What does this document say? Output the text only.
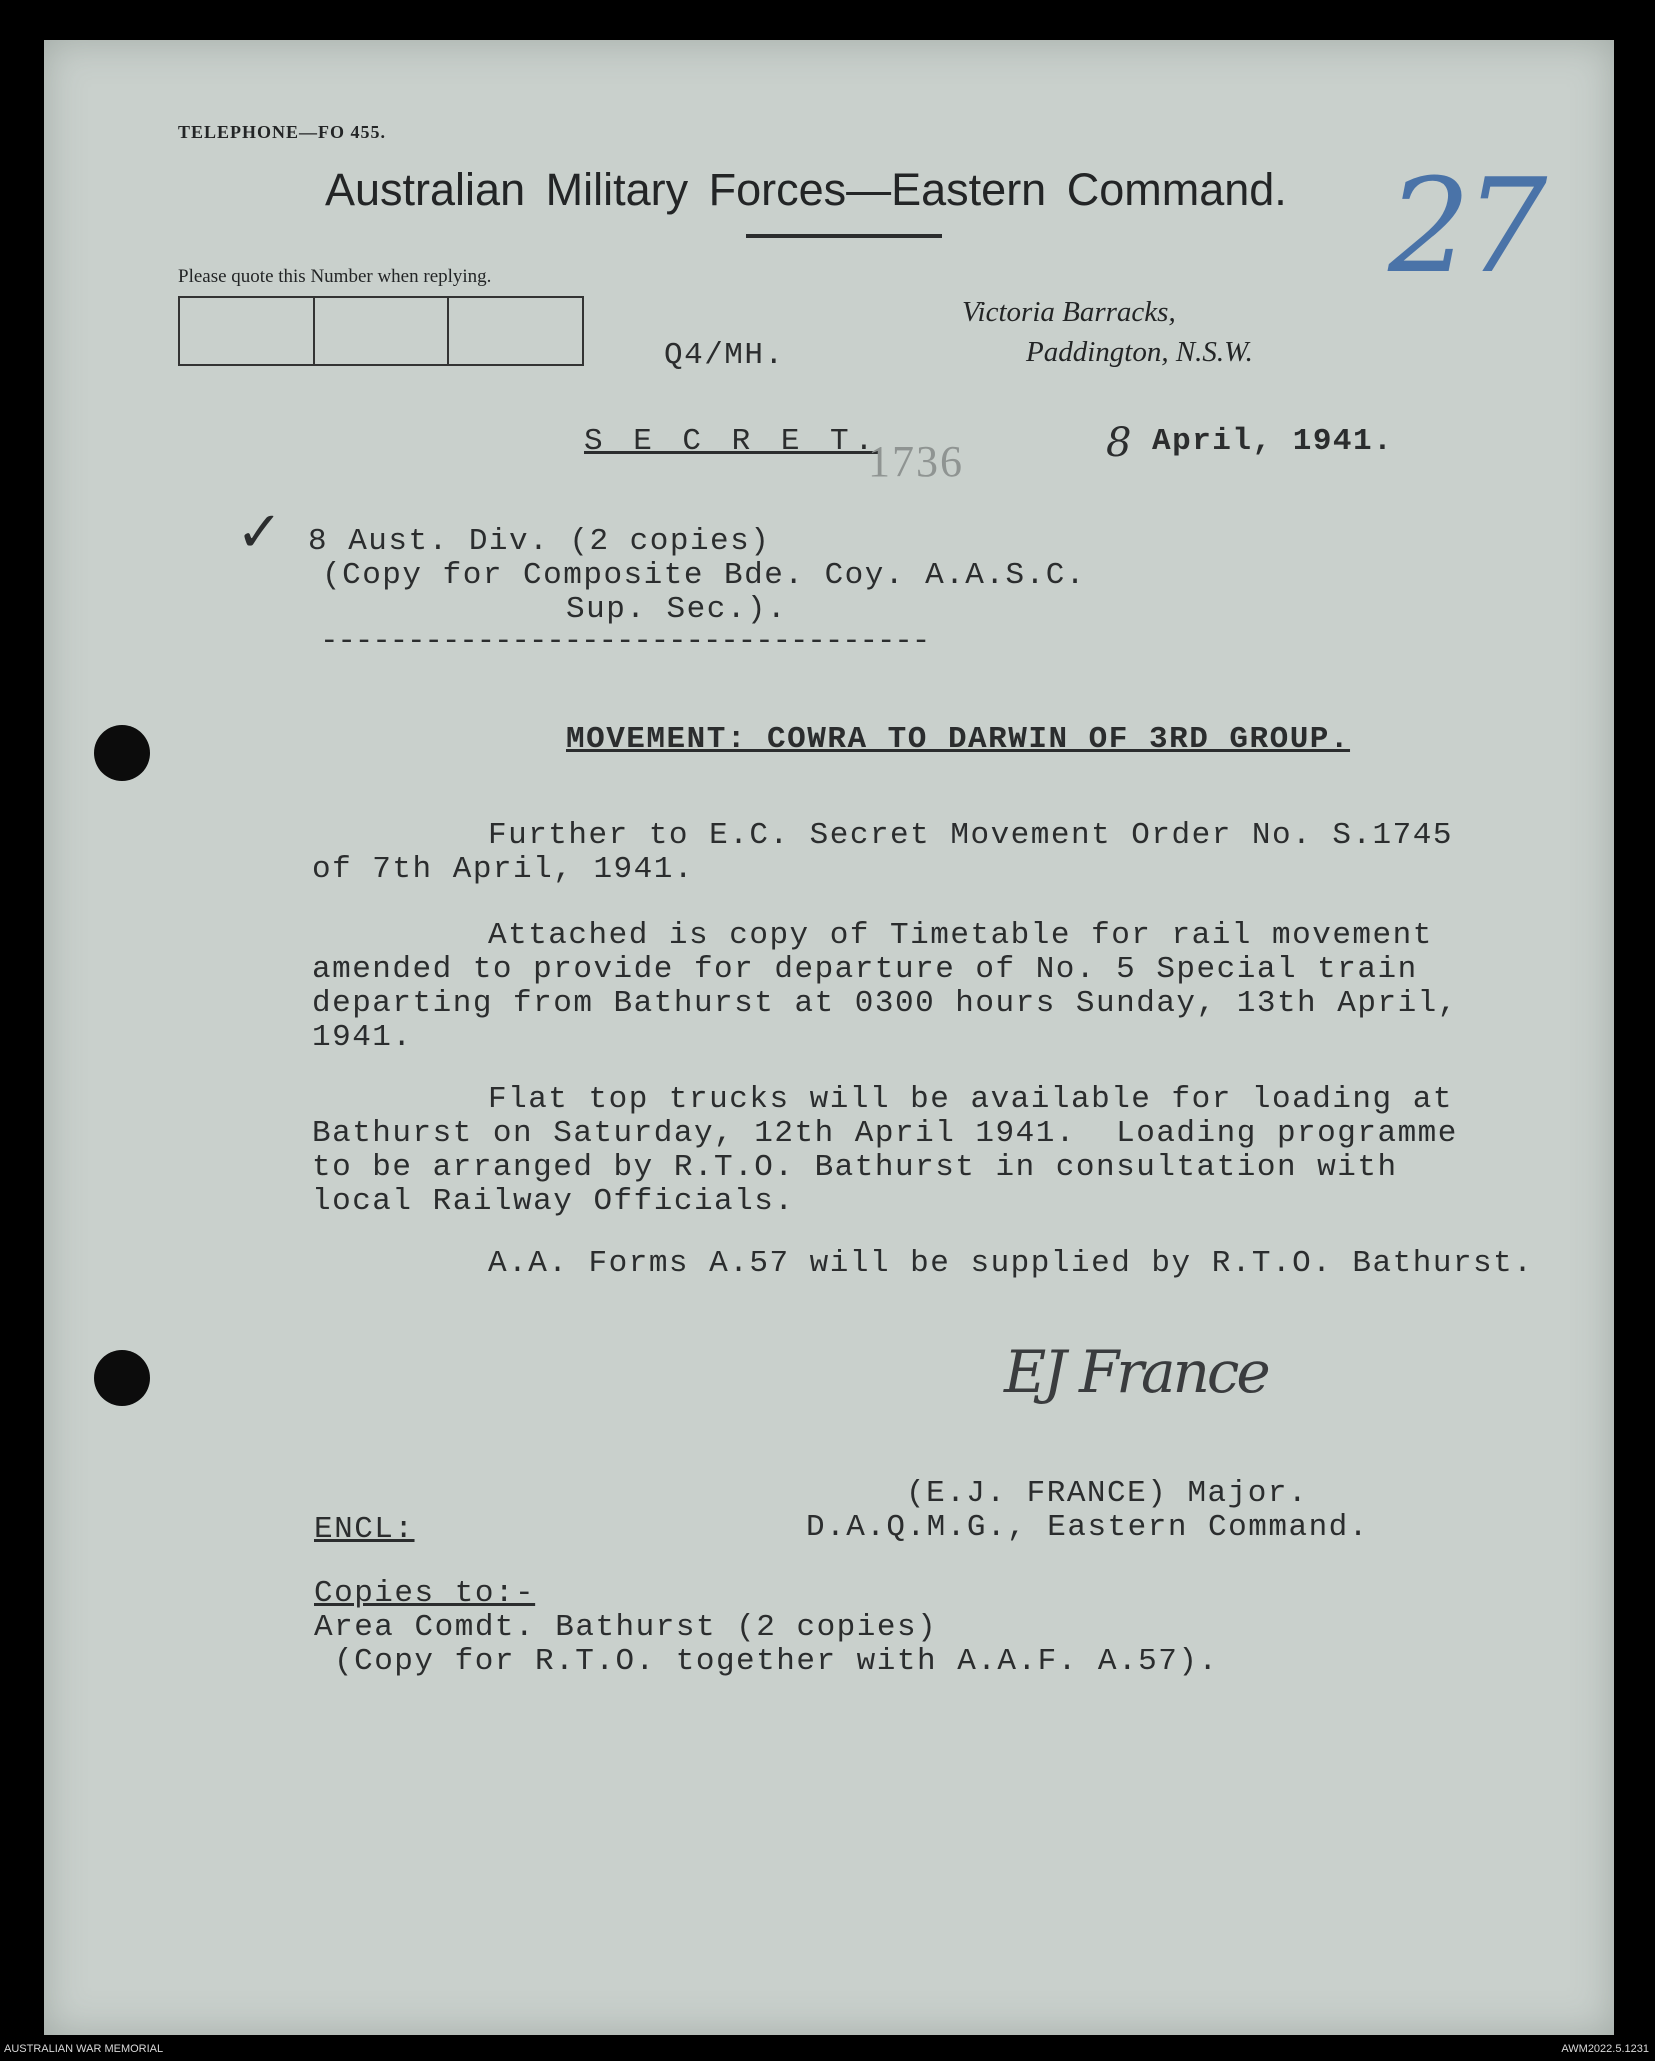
TELEPHONE—FO 455.
Australian Military Forces—Eastern Command.
Please quote this Number when replying.
Victoria Barracks,
Paddington, N.S.W.
27
Q4/MH.
S E C R E T.
1736	8 April, 1941.
✓ 8 Aust. Div. (2 copies)
(Copy for Composite Bde. Coy. A.A.S.C.
Sup. Sec.).
-----------------------------------
MOVEMENT: COWRA TO DARWIN OF 3RD GROUP.
Further to E.C. Secret Movement Order No. S.1745
of 7th April, 1941.
Attached is copy of Timetable for rail movement
amended to provide for departure of No. 5 Special train
departing from Bathurst at 0300 hours Sunday, 13th April,
1941.
Flat top trucks will be available for loading at
Bathurst on Saturday, 12th April 1941.  Loading programme
to be arranged by R.T.O. Bathurst in consultation with
local Railway Officials.
A.A. Forms A.57 will be supplied by R.T.O. Bathurst.
EJ France
(E.J. FRANCE) Major.
D.A.Q.M.G., Eastern Command.
ENCL:
Copies to:-
Area Comdt. Bathurst (2 copies)
(Copy for R.T.O. together with A.A.F. A.57).
AUSTRALIAN WAR MEMORIAL	AWM2022.5.1231
